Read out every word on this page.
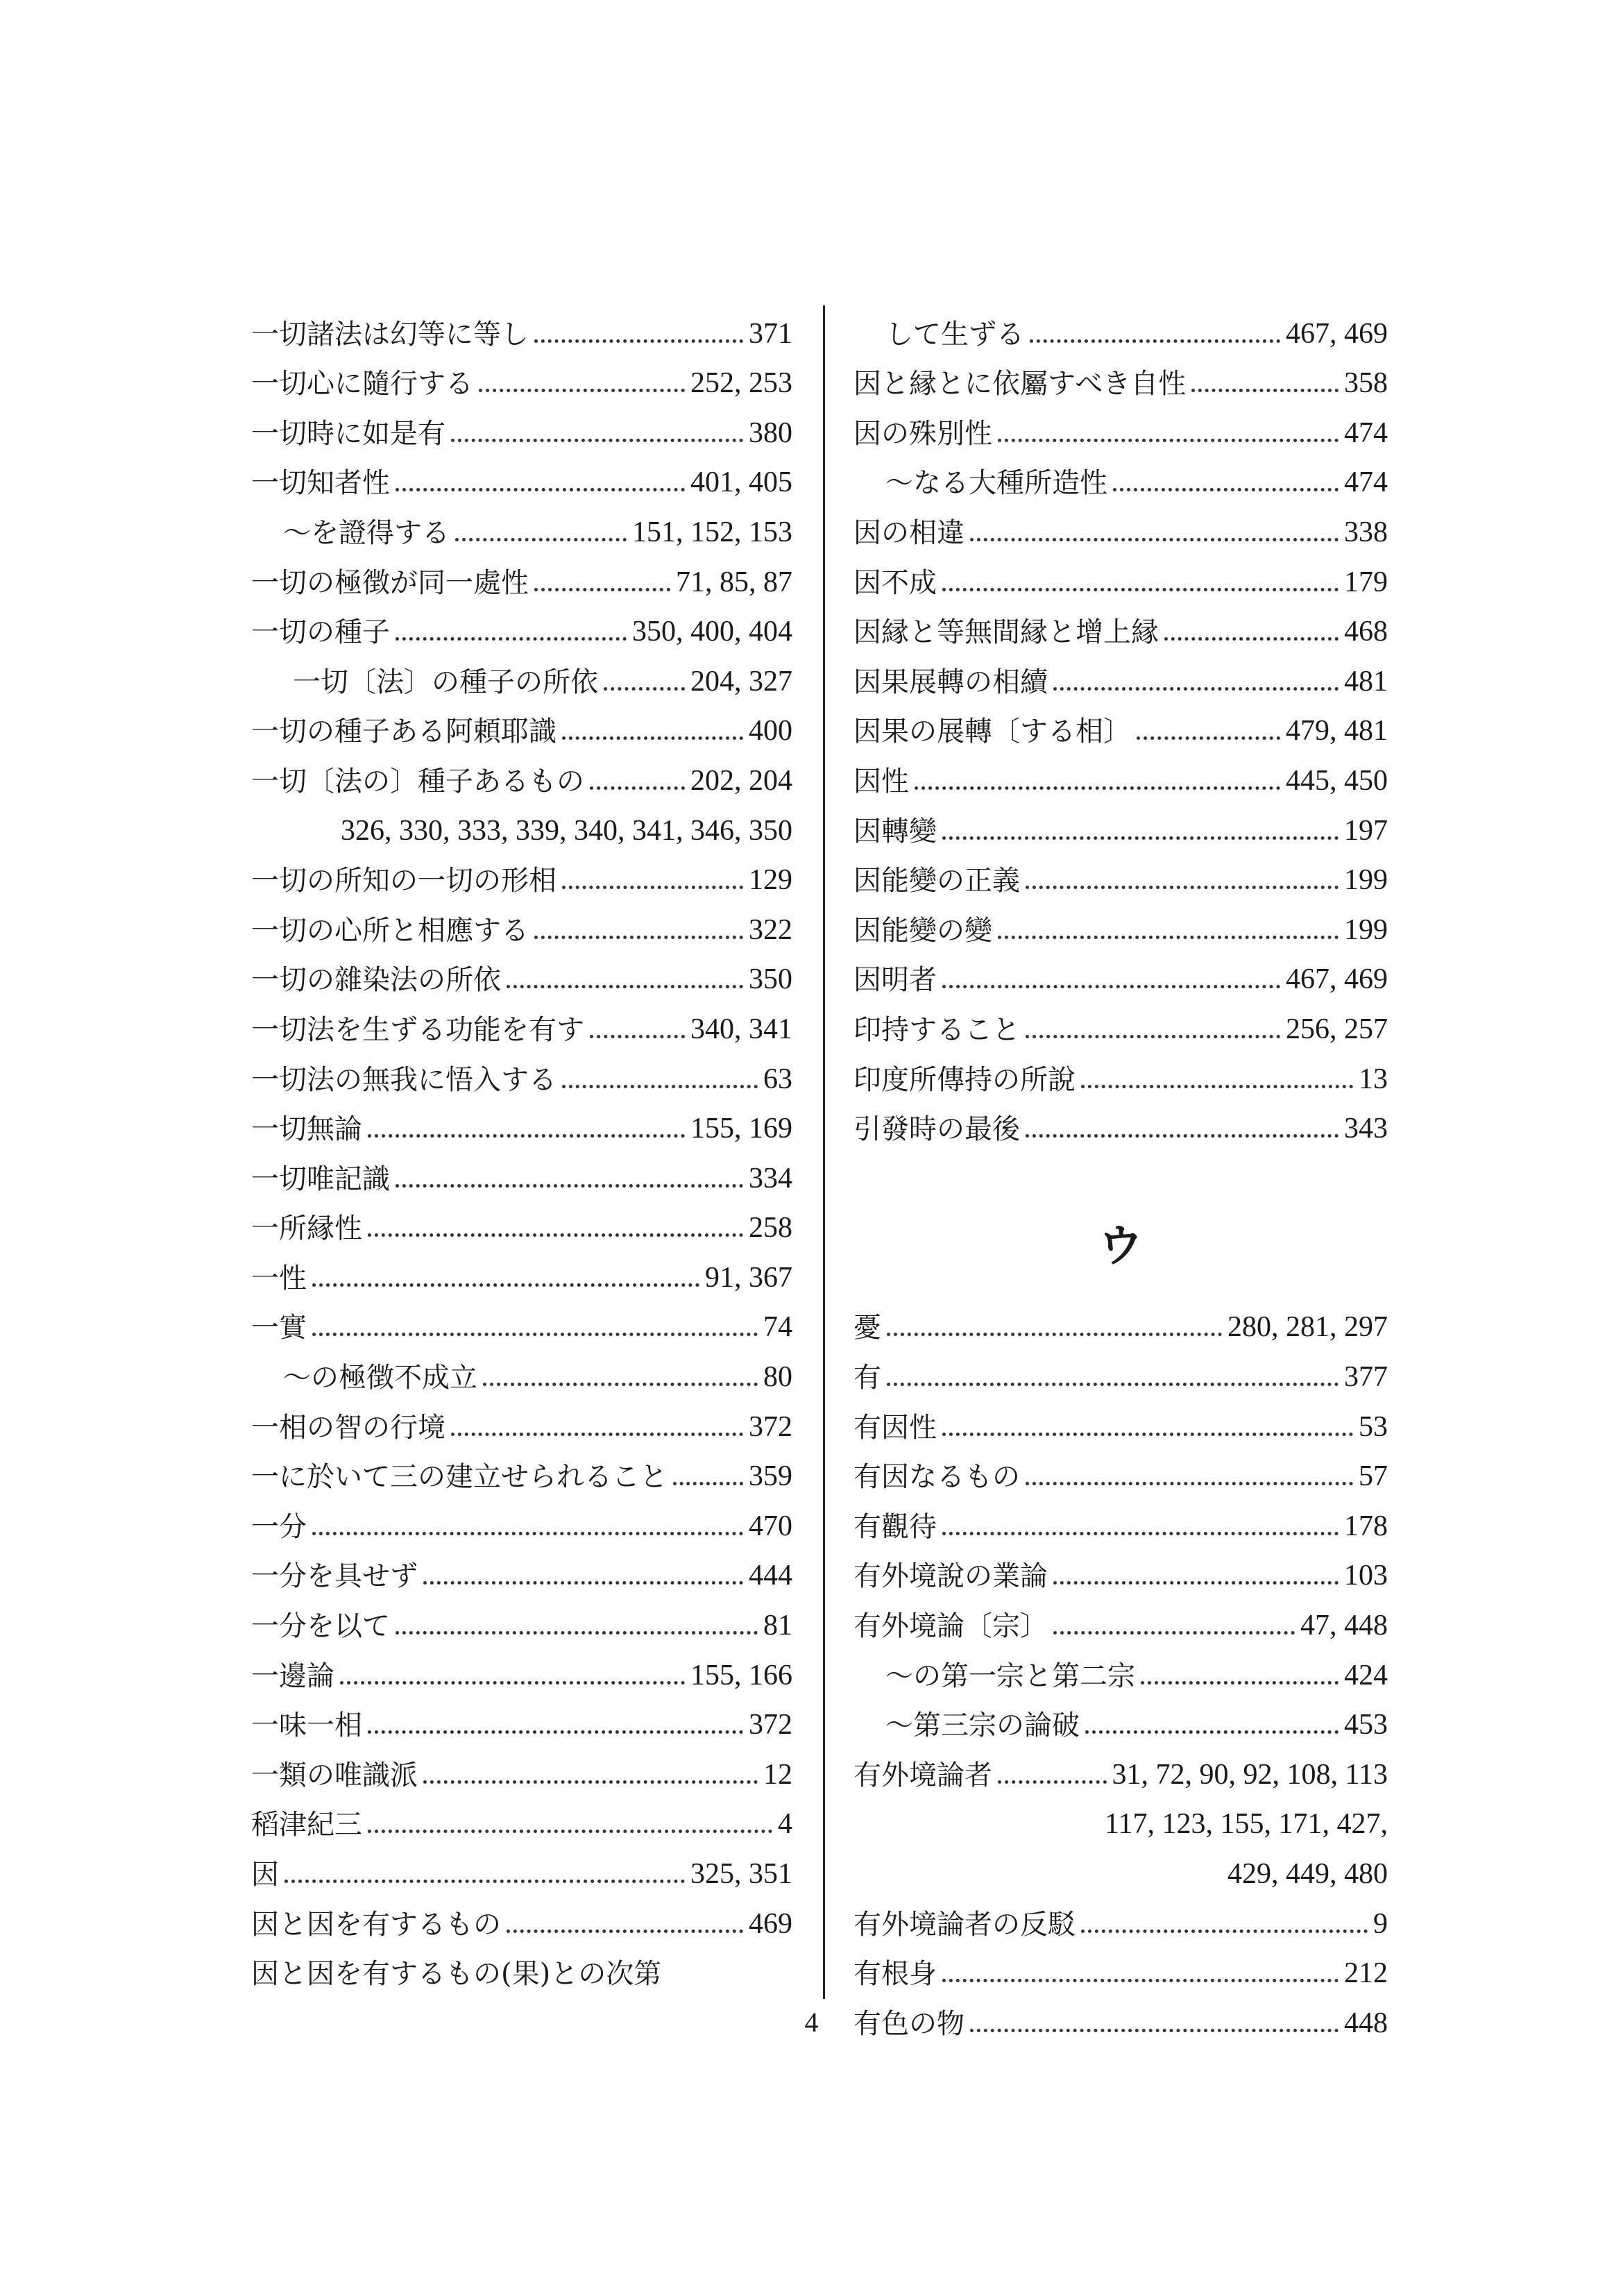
一切諸法は幻等に等し	371
一切心に隨行する	252, 253
一切時に如是有	380
一切知者性	401, 405
～を證得する	151, 152, 153
一切の極徴が同一處性	71, 85, 87
一切の種子	350, 400, 404
一切〔法〕の種子の所依	204, 327
一切の種子ある阿頼耶識	400
一切〔法の〕種子あるもの	202, 204
326, 330, 333, 339, 340, 341, 346, 350
一切の所知の一切の形相	129
一切の心所と相應する	322
一切の雜染法の所依	350
一切法を生ずる功能を有す	340, 341
一切法の無我に悟入する	63
一切無論	155, 169
一切唯記識	334
一所縁性	258
一性	91, 367
一實	74
～の極徴不成立	80
一相の智の行境	372
一に於いて三の建立せられること	359
一分	470
一分を具せず	444
一分を以て	81
一邊論	155, 166
一味一相	372
一類の唯識派	12
稻津紀三	4
因	325, 351
因と因を有するもの	469
因と因を有するもの(果)との次第
して生ずる	467, 469
因と縁とに依屬すべき自性	358
因の殊別性	474
～なる大種所造性	474
因の相違	338
因不成	179
因縁と等無間縁と增上縁	468
因果展轉の相續	481
因果の展轉〔する相〕	479, 481
因性	445, 450
因轉變	197
因能變の正義	199
因能變の變	199
因明者	467, 469
印持すること	256, 257
印度所傳持の所說	13
引發時の最後	343
ウ
憂	280, 281, 297
有	377
有因性	53
有因なるもの	57
有觀待	178
有外境說の業論	103
有外境論〔宗〕	47, 448
～の第一宗と第二宗	424
～第三宗の論破	453
有外境論者	31, 72, 90, 92, 108, 113
117, 123, 155, 171, 427,
429, 449, 480
有外境論者の反駁	9
有根身	212
有色の物	448
4
